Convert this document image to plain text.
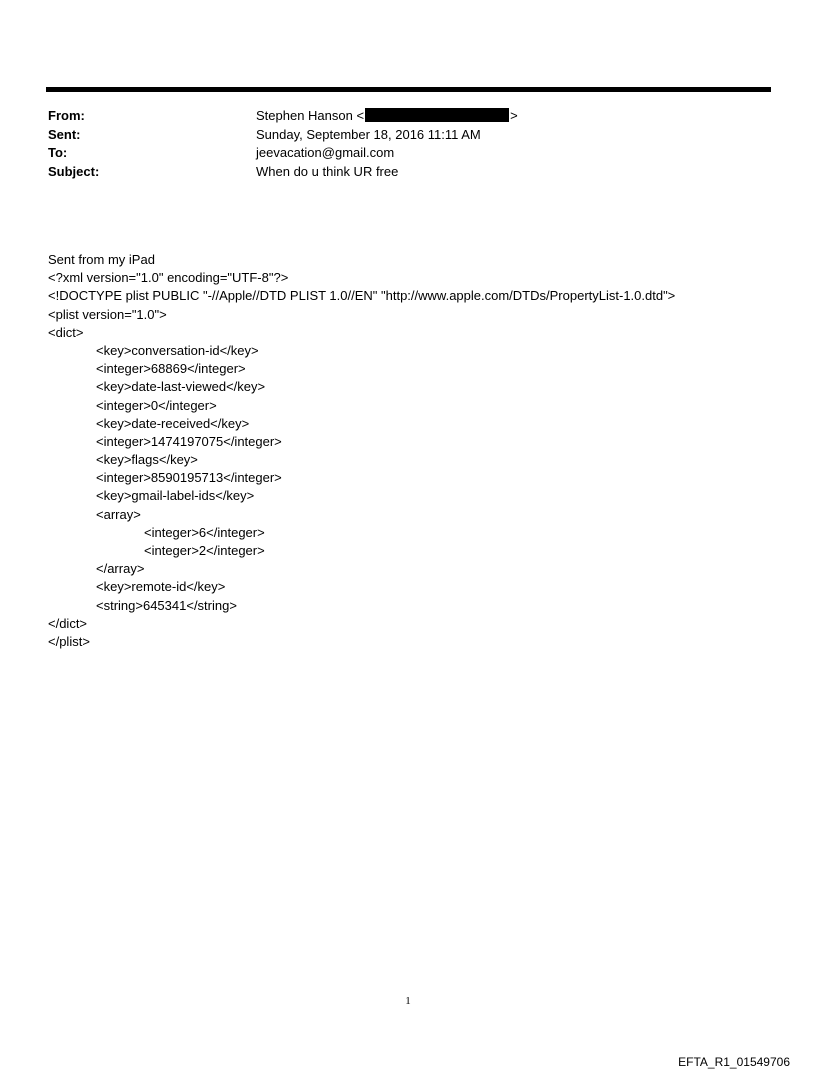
From:	Stephen Hanson <	>
Sent:	Sunday, September 18, 2016 11:11 AM
To:	jeevacation@gmail.com
Subject:	When do u think UR free
Sent from my iPad
<?xml version="1.0" encoding="UTF-8"?>
<!DOCTYPE plist PUBLIC "-//Apple//DTD PLIST 1.0//EN" "http://www.apple.com/DTDs/PropertyList-1.0.dtd">
<plist version="1.0">
<dict>
<key>conversation-id</key>
<integer>68869</integer>
<key>date-last-viewed</key>
<integer>0</integer>
<key>date-received</key>
<integer>1474197075</integer>
<key>flags</key>
<integer>8590195713</integer>
<key>gmail-label-ids</key>
<array>
<integer>6</integer>
<integer>2</integer>
</array>
<key>remote-id</key>
<string>645341</string>
</dict>
</plist>
1
EFTA_R1_01549706
